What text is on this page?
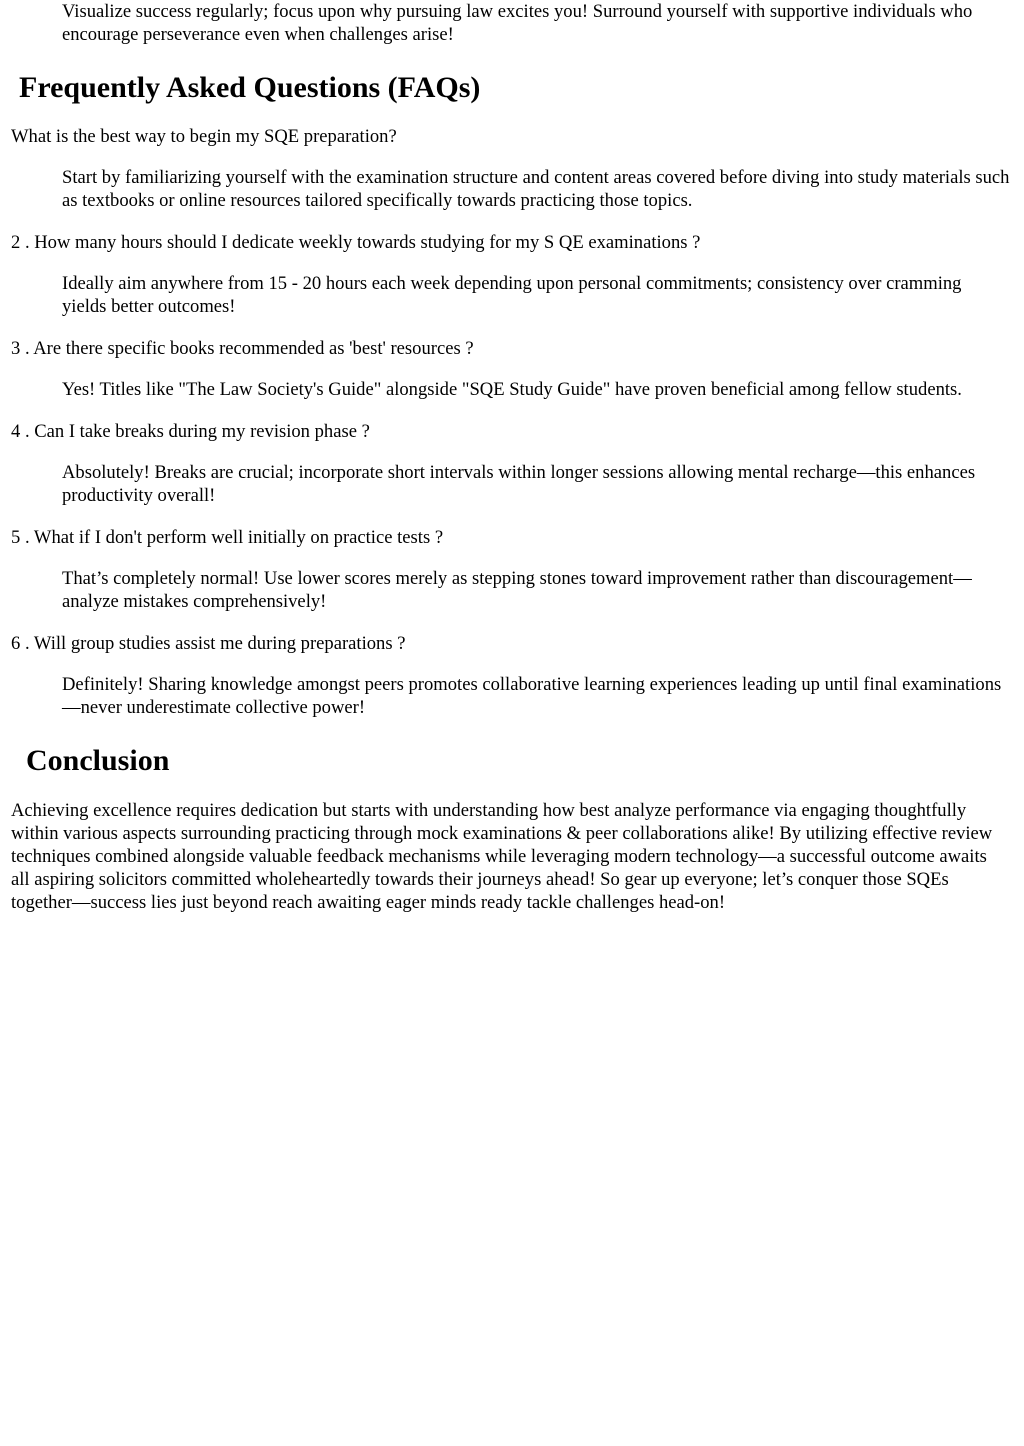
Visualize success regularly; focus upon why pursuing law excites you! Surround yourself with supportive individuals who encourage perseverance even when challenges arise!

Frequently Asked Questions (FAQs)

What is the best way to begin my SQE preparation?

Start by familiarizing yourself with the examination structure and content areas covered before diving into study materials such as textbooks or online resources tailored specifically towards practicing those topics.

2 . How many hours should I dedicate weekly towards studying for my S QE examinations ?

Ideally aim anywhere from 15 - 20 hours each week depending upon personal commitments; consistency over cramming yields better outcomes!

3 . Are there specific books recommended as 'best' resources ?

Yes! Titles like "The Law Society's Guide" alongside "SQE Study Guide" have proven beneficial among fellow students.

4 . Can I take breaks during my revision phase ?

Absolutely! Breaks are crucial; incorporate short intervals within longer sessions allowing mental recharge—this enhances productivity overall!

5 . What if I don't perform well initially on practice tests ?

That’s completely normal! Use lower scores merely as stepping stones toward improvement rather than discouragement—analyze mistakes comprehensively!

6 . Will group studies assist me during preparations ?

Definitely! Sharing knowledge amongst peers promotes collaborative learning experiences leading up until final examinations—never underestimate collective power!

Conclusion

Achieving excellence requires dedication but starts with understanding how best analyze performance via engaging thoughtfully within various aspects surrounding practicing through mock examinations & peer collaborations alike! By utilizing effective review techniques combined alongside valuable feedback mechanisms while leveraging modern technology—a successful outcome awaits all aspiring solicitors committed wholeheartedly towards their journeys ahead! So gear up everyone; let’s conquer those SQEs together—success lies just beyond reach awaiting eager minds ready tackle challenges head-on!
